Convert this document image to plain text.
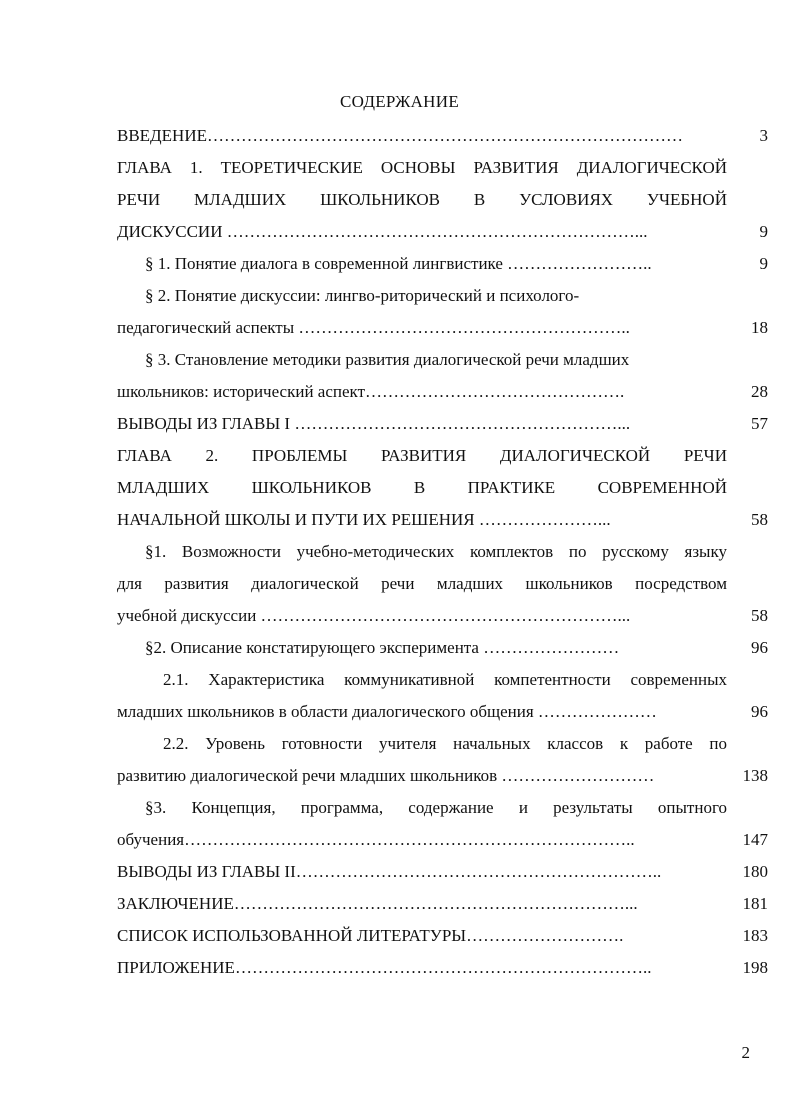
СОДЕРЖАНИЕ
ВВЕДЕНИЕ…………………………………………………………………………	3
ГЛАВА 1. ТЕОРЕТИЧЕСКИЕ ОСНОВЫ РАЗВИТИЯ ДИАЛОГИЧЕСКОЙ
РЕЧИ МЛАДШИХ ШКОЛЬНИКОВ В УСЛОВИЯХ УЧЕБНОЙ
ДИСКУССИИ ………………………………………………………………...	9
§ 1. Понятие диалога в современной лингвистике ……………………..	9
§ 2. Понятие дискуссии: лингво-риторический и психолого-
педагогический аспекты …………………………………………………..	18
§ 3. Становление методики развития диалогической речи младших
школьников: исторический аспект……………………………………….	28
ВЫВОДЫ ИЗ ГЛАВЫ I …………………………………………………...	57
ГЛАВА 2. ПРОБЛЕМЫ РАЗВИТИЯ ДИАЛОГИЧЕСКОЙ РЕЧИ
МЛАДШИХ ШКОЛЬНИКОВ В ПРАКТИКЕ СОВРЕМЕННОЙ
НАЧАЛЬНОЙ ШКОЛЫ И ПУТИ ИХ РЕШЕНИЯ …………………...	58
§1. Возможности учебно-методических комплектов по русскому языку
для развития диалогической речи младших школьников посредством
учебной дискуссии ………………………………………………………...	58
§2. Описание констатирующего эксперимента ……………………	96
2.1. Характеристика коммуникативной компетентности современных
младших школьников в области диалогического общения …………………	96
2.2. Уровень готовности учителя начальных классов к работе по
развитию диалогической речи младших школьников ………………………	138
§3. Концепция, программа, содержание и результаты опытного
обучения……………………………………………………………………..	147
ВЫВОДЫ ИЗ ГЛАВЫ II………………………………………………………..	180
ЗАКЛЮЧЕНИЕ……………………………………………………………...	181
СПИСОК ИСПОЛЬЗОВАННОЙ ЛИТЕРАТУРЫ……………………….	183
ПРИЛОЖЕНИЕ………………………………………………………………..	198
2
